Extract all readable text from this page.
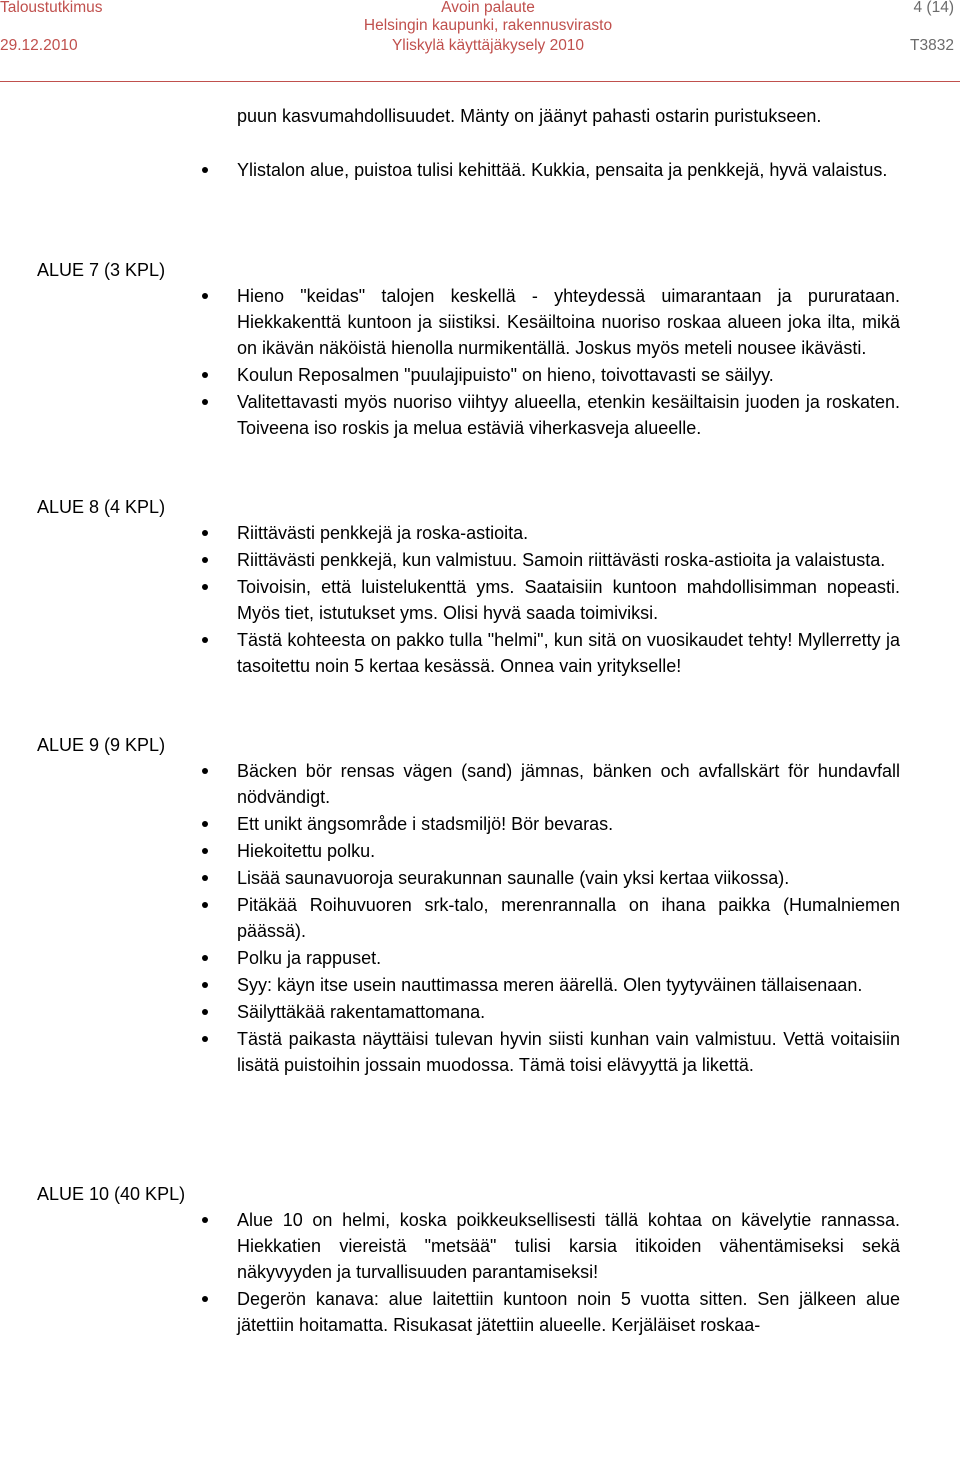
Taloustutkimus
29.12.2010
Avoin palaute
Helsingin kaupunki, rakennusvirasto
Yliskylä käyttäjäkysely 2010
4 (14)
T3832
puun kasvumahdollisuudet. Mänty on jäänyt pahasti ostarin puristukseen.
Ylistalon alue, puistoa tulisi kehittää. Kukkia, pensaita ja penkkejä, hyvä valaistus.
ALUE 7 (3 KPL)
Hieno "keidas" talojen keskellä - yhteydessä uimarantaan ja pururataan. Hiekkakenttä kuntoon ja siistiksi. Kesäiltoina nuoriso roskaa alueen joka ilta, mikä on ikävän näköistä hienolla nurmikentällä. Joskus myös meteli nousee ikävästi.
Koulun Reposalmen "puulajipuisto" on hieno, toivottavasti se säilyy.
Valitettavasti myös nuoriso viihtyy alueella, etenkin kesäiltaisin juoden ja roskaten. Toiveena iso roskis ja melua estäviä viherkasveja alueelle.
ALUE 8 (4 KPL)
Riittävästi penkkejä ja roska-astioita.
Riittävästi penkkejä, kun valmistuu. Samoin riittävästi roska-astioita ja valaistusta.
Toivoisin, että luistelukenttä yms. Saataisiin kuntoon mahdollisimman nopeasti. Myös tiet, istutukset yms. Olisi hyvä saada toimiviksi.
Tästä kohteesta on pakko tulla "helmi", kun sitä on vuosikaudet tehty! Myllerretty ja tasoitettu noin 5 kertaa kesässä. Onnea vain yritykselle!
ALUE 9 (9 KPL)
Bäcken bör rensas vägen (sand) jämnas, bänken och avfallskärt för hundavfall nödvändigt.
Ett unikt ängsområde i stadsmiljö! Bör bevaras.
Hiekoitettu polku.
Lisää saunavuoroja seurakunnan saunalle (vain yksi kertaa viikossa).
Pitäkää Roihuvuoren srk-talo, merenrannalla on ihana paikka (Humalniemen päässä).
Polku ja rappuset.
Syy: käyn itse usein nauttimassa meren äärellä. Olen tyytyväinen tällaisenaan.
Säilyttäkää rakentamattomana.
Tästä paikasta näyttäisi tulevan hyvin siisti kunhan vain valmistuu. Vettä voitaisiin lisätä puistoihin jossain muodossa. Tämä toisi elävyyttä ja likettä.
ALUE 10 (40 KPL)
Alue 10 on helmi, koska poikkeuksellisesti tällä kohtaa on kävelytie rannassa. Hiekkatien viereistä "metsää" tulisi karsia itikoiden vähentämiseksi sekä näkyvyyden ja turvallisuuden parantamiseksi!
Degerön kanava: alue laitettiin kuntoon noin 5 vuotta sitten. Sen jälkeen alue jätettiin hoitamatta. Risukasat jätettiin alueelle. Kerjäläiset roskaa-
